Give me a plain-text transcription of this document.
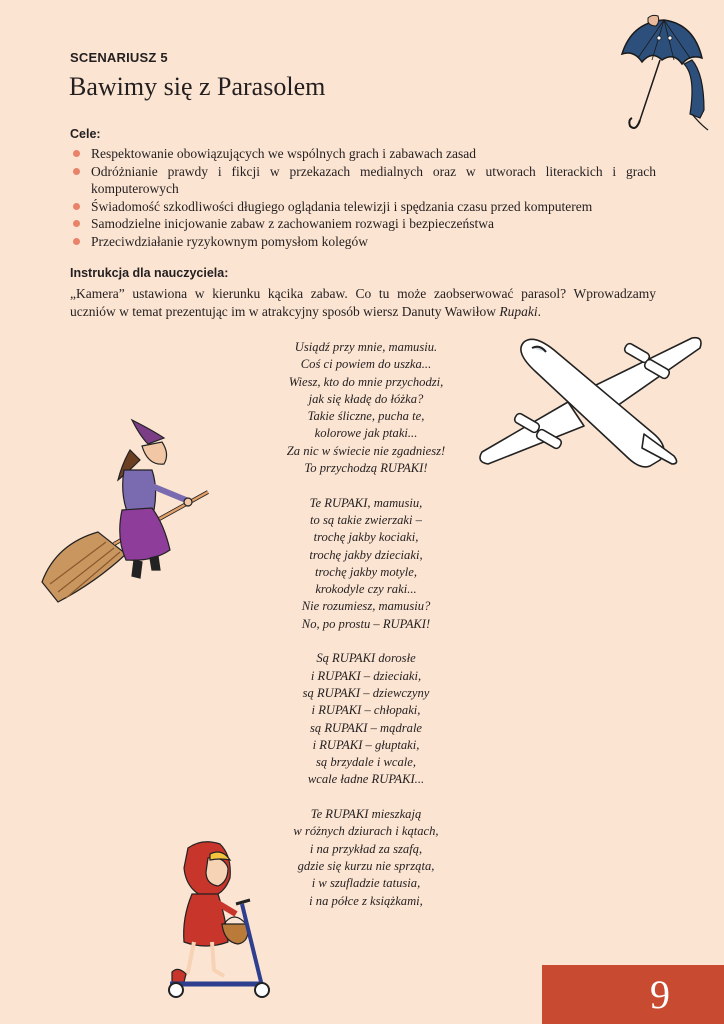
SCENARIUSZ 5
Bawimy się z Parasolem
Cele:
Respektowanie obowiązujących we wspólnych grach i zabawach zasad
Odróżnianie prawdy i fikcji w przekazach medialnych oraz w utworach literackich i grach komputerowych
Świadomość szkodliwości długiego oglądania telewizji i spędzania czasu przed komputerem
Samodzielne inicjowanie zabaw z zachowaniem rozwagi i bezpieczeństwa
Przeciwdziałanie ryzykownym pomysłom kolegów
Instrukcja dla nauczyciela:
„Kamera” ustawiona w kierunku kącika zabaw. Co tu może zaobserwować parasol? Wprowadzamy uczniów w temat prezentując im w atrakcyjny sposób wiersz Danuty Wawiłow Rupaki.
Usiądź przy mnie, mamusiu.
Coś ci powiem do uszka...
Wiesz, kto do mnie przychodzi,
jak się kładę do łóżka?
Takie śliczne, pucha te,
kolorowe jak ptaki...
Za nic w świecie nie zgadniesz!
To przychodzą RUPAKI!
Te RUPAKI, mamusiu,
to są takie zwierzaki –
trochę jakby kociaki,
trochę jakby dzieciaki,
trochę jakby motyle,
krokodyle czy raki...
Nie rozumiesz, mamusiu?
No, po prostu – RUPAKI!
Są RUPAKI dorosłe
i RUPAKI – dzieciaki,
są RUPAKI – dziewczyny
i RUPAKI – chłopaki,
są RUPAKI – mądrale
i RUPAKI – głuptaki,
są brzydale i wcale,
wcale ładne RUPAKI...
Te RUPAKI mieszkają
w różnych dziurach i kątach,
i na przykład za szafą,
gdzie się kurzu nie sprząta,
i w szufladzie tatusia,
i na półce z książkami,
9
